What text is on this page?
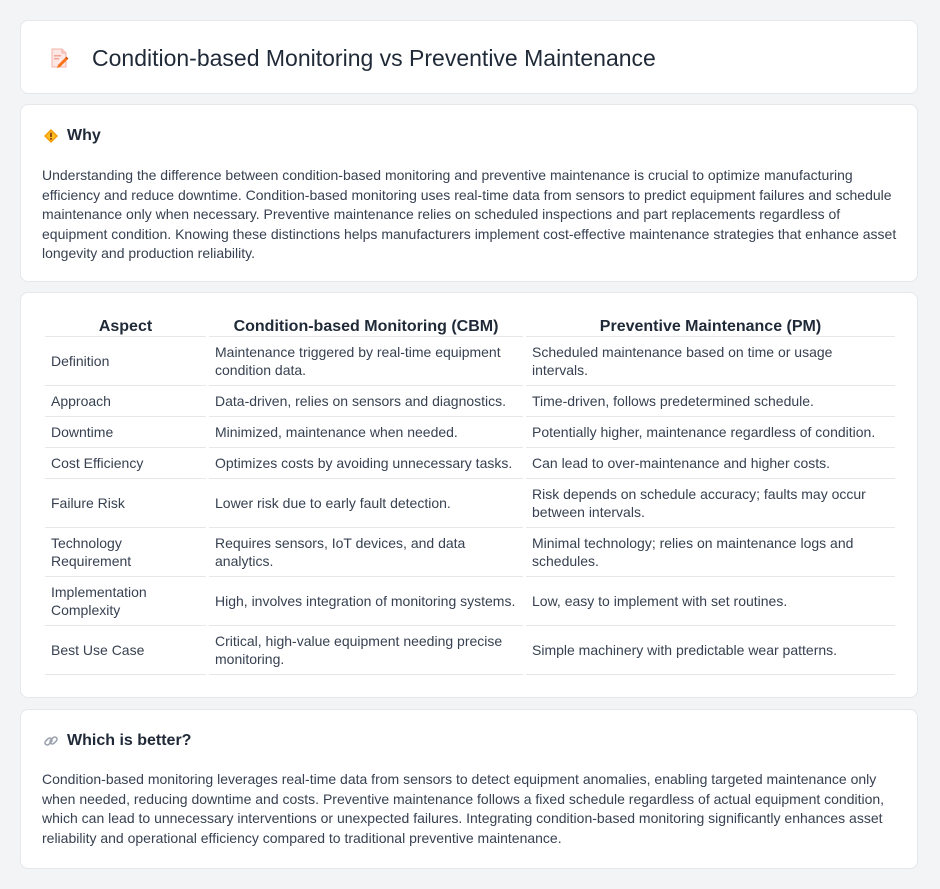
Condition-based Monitoring vs Preventive Maintenance
Why

Understanding the difference between condition-based monitoring and preventive maintenance is crucial to optimize manufacturing efficiency and reduce downtime. Condition-based monitoring uses real-time data from sensors to predict equipment failures and schedule maintenance only when necessary. Preventive maintenance relies on scheduled inspections and part replacements regardless of equipment condition. Knowing these distinctions helps manufacturers implement cost-effective maintenance strategies that enhance asset longevity and production reliability.

Aspect	Condition-based Monitoring (CBM)	Preventive Maintenance (PM)
Definition	Maintenance triggered by real-time equipment condition data.	Scheduled maintenance based on time or usage intervals.
Approach	Data-driven, relies on sensors and diagnostics.	Time-driven, follows predetermined schedule.
Downtime	Minimized, maintenance when needed.	Potentially higher, maintenance regardless of condition.
Cost Efficiency	Optimizes costs by avoiding unnecessary tasks.	Can lead to over-maintenance and higher costs.
Failure Risk	Lower risk due to early fault detection.	Risk depends on schedule accuracy; faults may occur between intervals.
Technology Requirement	Requires sensors, IoT devices, and data analytics.	Minimal technology; relies on maintenance logs and schedules.
Implementation Complexity	High, involves integration of monitoring systems.	Low, easy to implement with set routines.
Best Use Case	Critical, high-value equipment needing precise monitoring.	Simple machinery with predictable wear patterns.
Which is better?

Condition-based monitoring leverages real-time data from sensors to detect equipment anomalies, enabling targeted maintenance only when needed, reducing downtime and costs. Preventive maintenance follows a fixed schedule regardless of actual equipment condition, which can lead to unnecessary interventions or unexpected failures. Integrating condition-based monitoring significantly enhances asset reliability and operational efficiency compared to traditional preventive maintenance.
